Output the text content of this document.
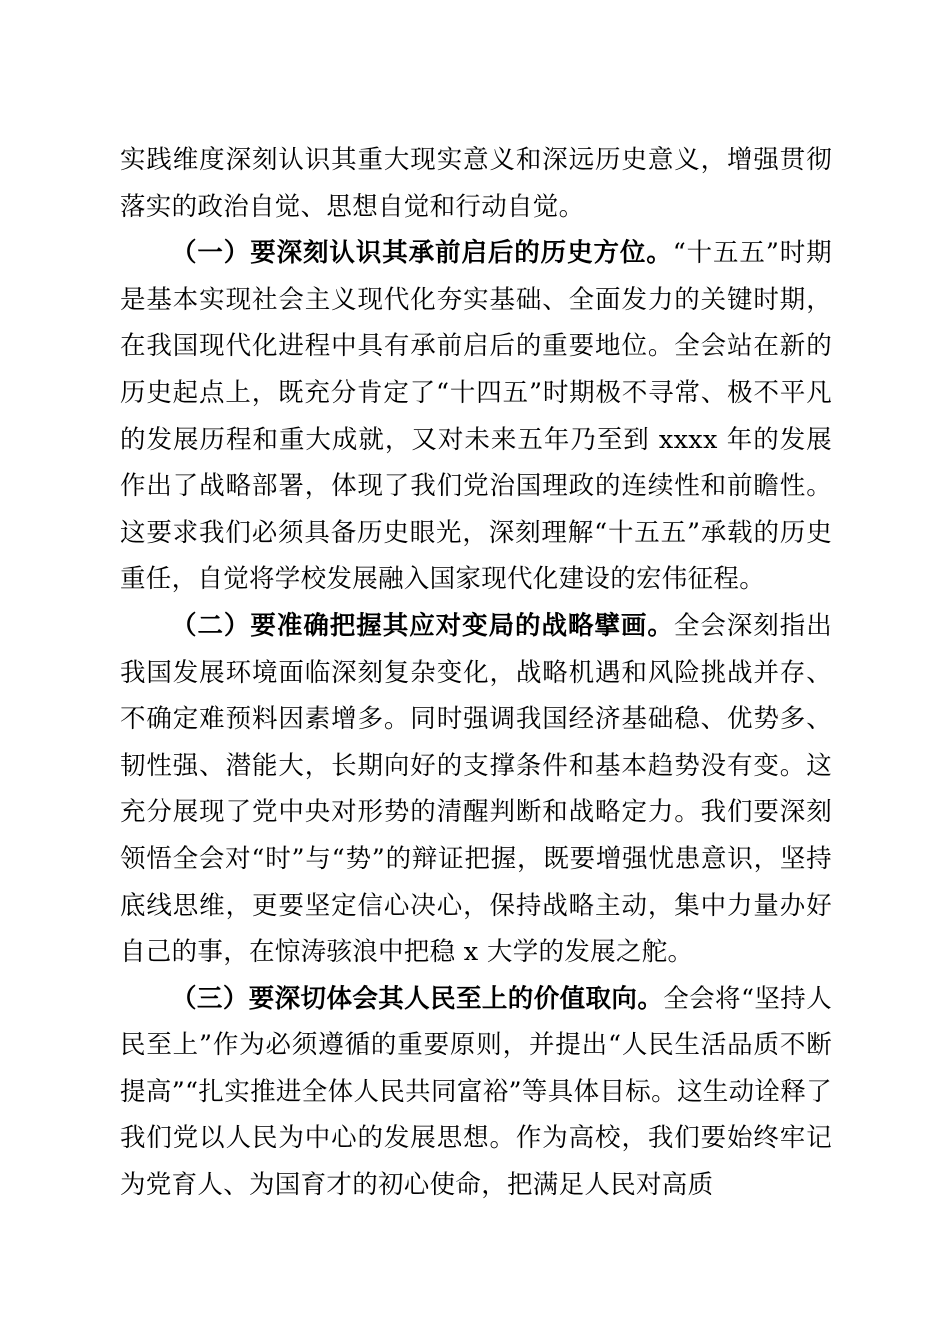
实践维度深刻认识其重大现实意义和深远历史意义，增强贯彻落实的政治自觉、思想自觉和行动自觉。

（一）要深刻认识其承前启后的历史方位。“十五五”时期是基本实现社会主义现代化夯实基础、全面发力的关键时期，在我国现代化进程中具有承前启后的重要地位。全会站在新的历史起点上，既充分肯定了“十四五”时期极不寻常、极不平凡的发展历程和重大成就，又对未来五年乃至到 xxxx 年的发展作出了战略部署，体现了我们党治国理政的连续性和前瞻性。这要求我们必须具备历史眼光，深刻理解“十五五”承载的历史重任，自觉将学校发展融入国家现代化建设的宏伟征程。

（二）要准确把握其应对变局的战略擘画。全会深刻指出我国发展环境面临深刻复杂变化，战略机遇和风险挑战并存、不确定难预料因素增多。同时强调我国经济基础稳、优势多、韧性强、潜能大，长期向好的支撑条件和基本趋势没有变。这充分展现了党中央对形势的清醒判断和战略定力。我们要深刻领悟全会对“时”与“势”的辩证把握，既要增强忧患意识，坚持底线思维，更要坚定信心决心，保持战略主动，集中力量办好自己的事，在惊涛骇浪中把稳 x 大学的发展之舵。

（三）要深切体会其人民至上的价值取向。全会将“坚持人民至上”作为必须遵循的重要原则，并提出“人民生活品质不断提高”“扎实推进全体人民共同富裕”等具体目标。这生动诠释了我们党以人民为中心的发展思想。作为高校，我们要始终牢记为党育人、为国育才的初心使命，把满足人民对高质
